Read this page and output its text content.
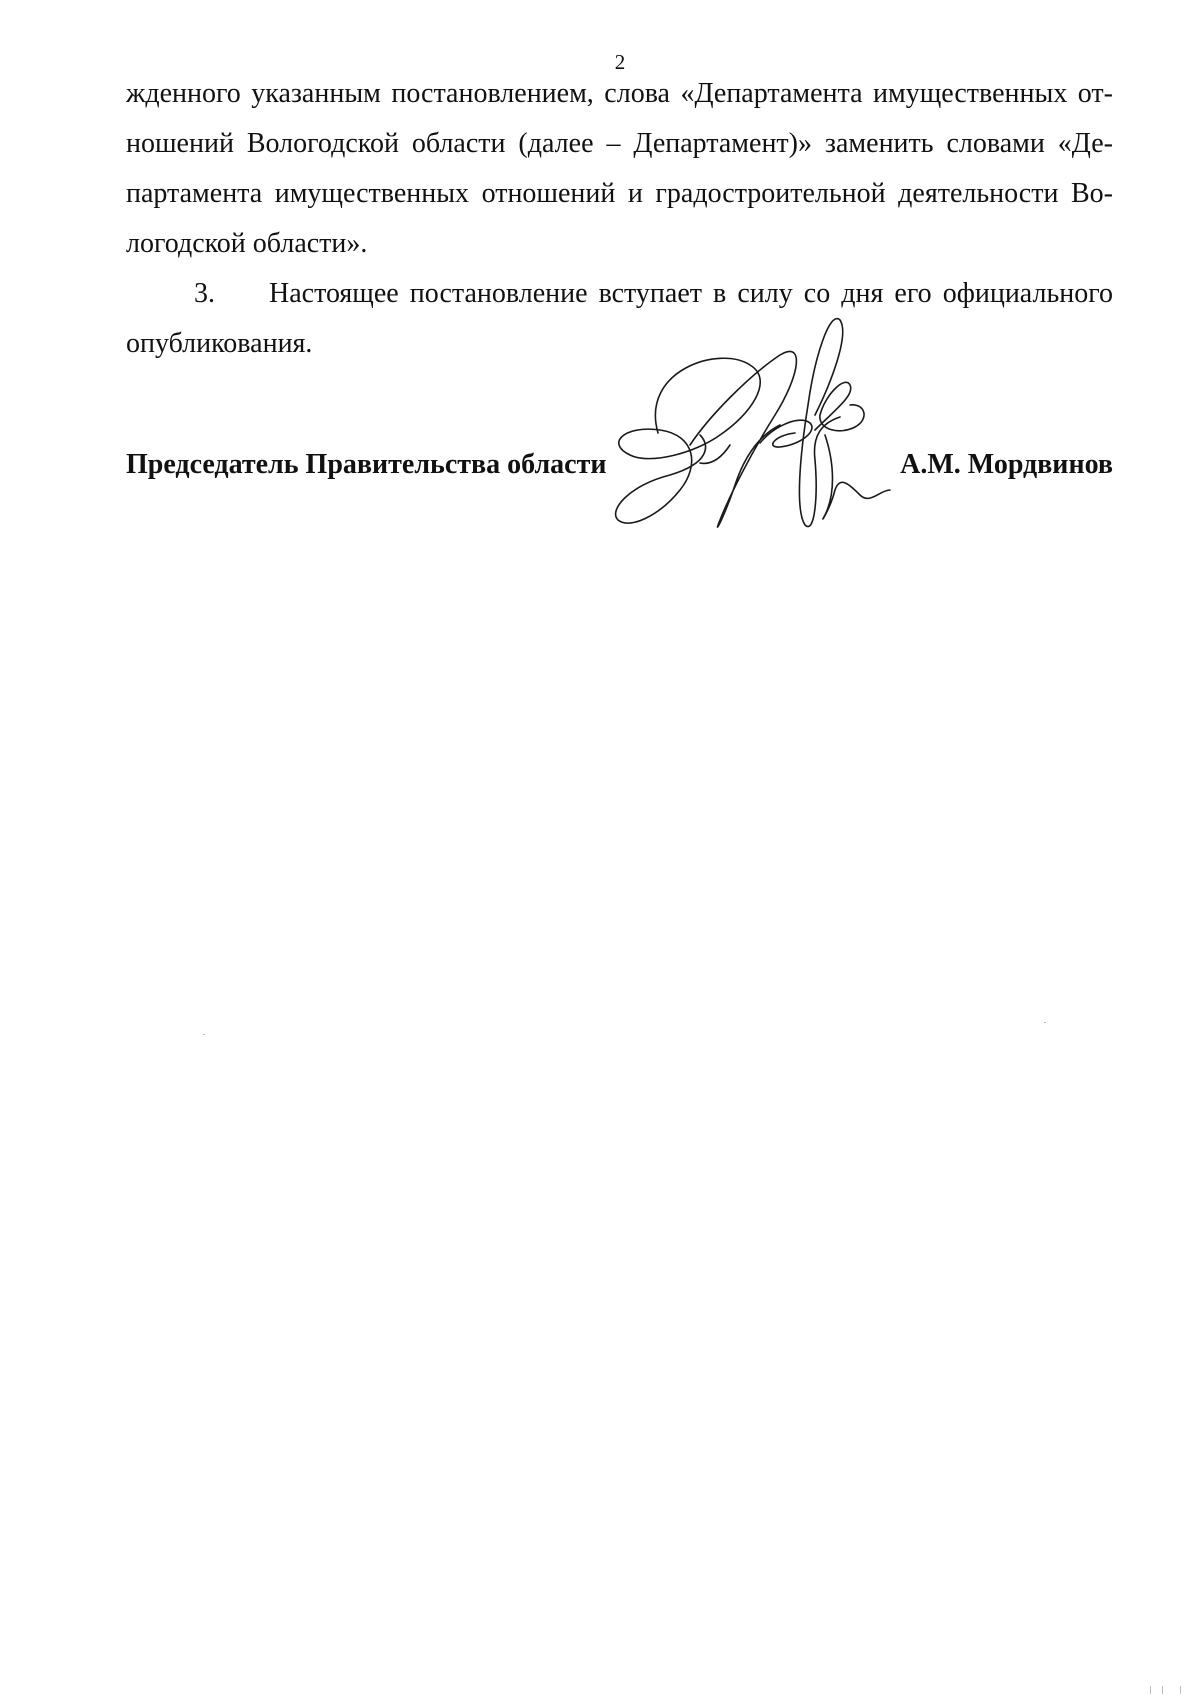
2
жденного указанным постановлением, слова «Департамента имущественных от-
ношений Вологодской области (далее – Департамент)» заменить словами «Де-
партамента имущественных отношений и градостроительной деятельности Во-
логодской области».
3. Настоящее постановление вступает в силу со дня его официального
опубликования.
Председатель Правительства области	А.М. Мордвинов
